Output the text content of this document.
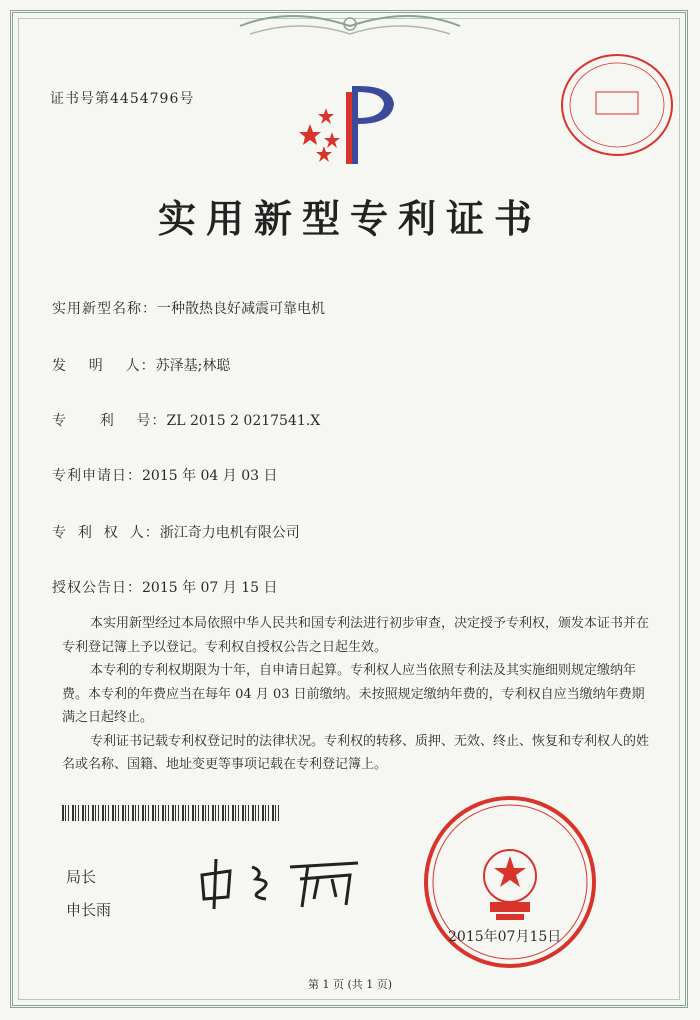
证书号第4454796号
实用新型专利证书
实用新型名称：一种散热良好减震可靠电机
发    明    人：苏泽基;林聪
专      利    号：ZL 2015 2 0217541.X
专利申请日：2015 年 04 月 03 日
专  利  权  人：浙江奇力电机有限公司
授权公告日：2015 年 07 月 15 日

本实用新型经过本局依照中华人民共和国专利法进行初步审查，决定授予专利权，颁发本证书并在专利登记簿上予以登记。专利权自授权公告之日起生效。

本专利的专利权期限为十年，自申请日起算。专利权人应当依照专利法及其实施细则规定缴纳年费。本专利的年费应当在每年 04 月 03 日前缴纳。未按照规定缴纳年费的，专利权自应当缴纳年费期满之日起终止。

专利证书记载专利权登记时的法律状况。专利权的转移、质押、无效、终止、恢复和专利权人的姓名或名称、国籍、地址变更等事项记载在专利登记簿上。

局长
申长雨
2015年07月15日
第 1 页 (共 1 页)
